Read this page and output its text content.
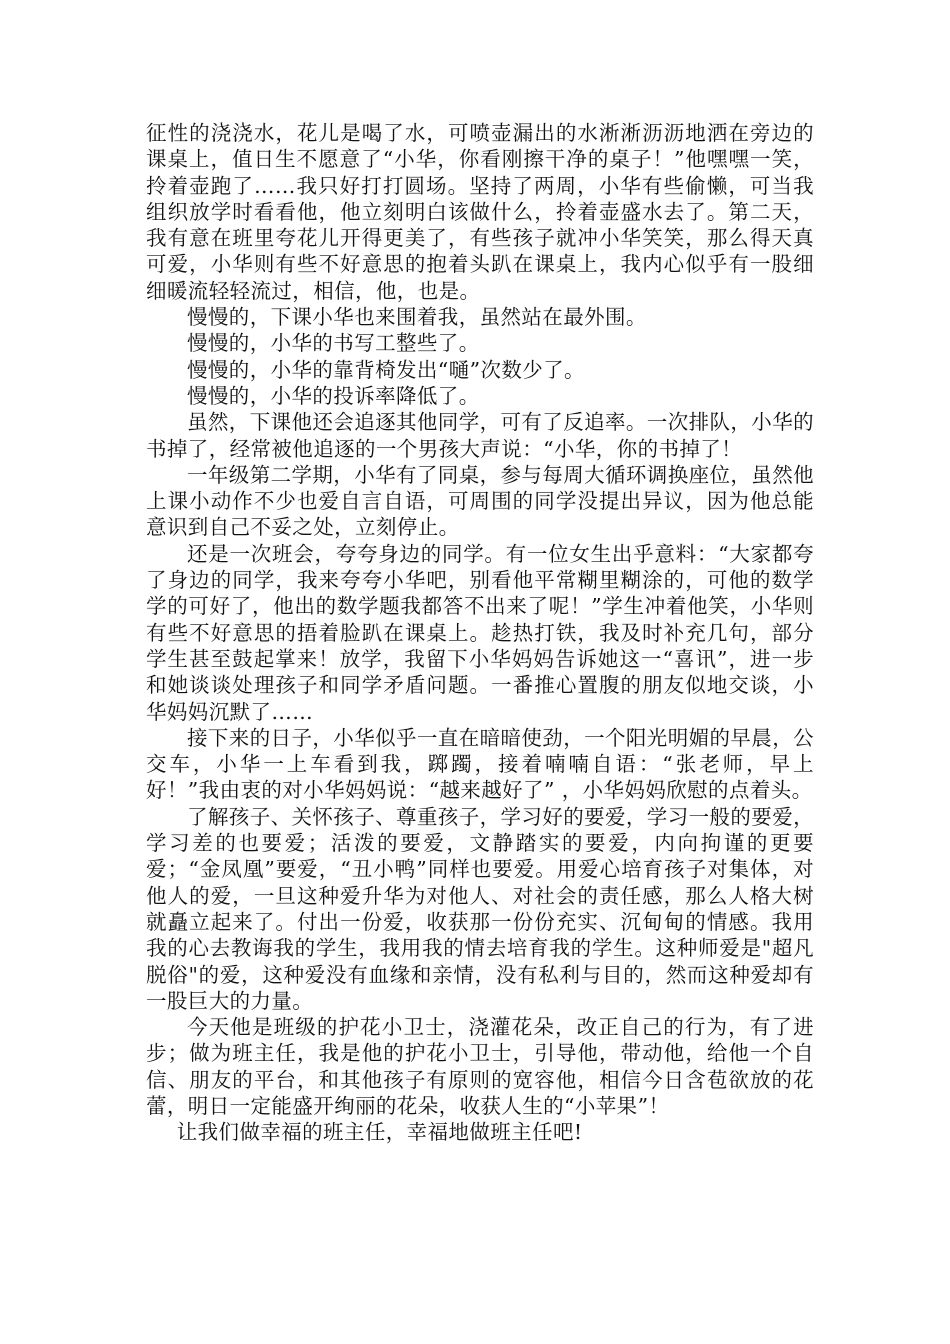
征性的浇浇水，花儿是喝了水，可喷壶漏出的水淅淅沥沥地洒在旁边的课桌上，值日生不愿意了“小华，你看刚擦干净的桌子！”他嘿嘿一笑，拎着壶跑了……我只好打打圆场。坚持了两周，小华有些偷懒，可当我组织放学时看看他，他立刻明白该做什么，拎着壶盛水去了。第二天，我有意在班里夸花儿开得更美了，有些孩子就冲小华笑笑，那么得天真可爱，小华则有些不好意思的抱着头趴在课桌上，我内心似乎有一股细细暖流轻轻流过，相信，他，也是。

慢慢的，下课小华也来围着我，虽然站在最外围。

慢慢的，小华的书写工整些了。

慢慢的，小华的靠背椅发出“嗵”次数少了。

慢慢的，小华的投诉率降低了。

虽然，下课他还会追逐其他同学，可有了反追率。一次排队，小华的书掉了，经常被他追逐的一个男孩大声说：“小华，你的书掉了！

一年级第二学期，小华有了同桌，参与每周大循环调换座位，虽然他上课小动作不少也爱自言自语，可周围的同学没提出异议，因为他总能意识到自己不妥之处，立刻停止。

还是一次班会，夸夸身边的同学。有一位女生出乎意料：“大家都夸了身边的同学，我来夸夸小华吧，别看他平常糊里糊涂的，可他的数学学的可好了，他出的数学题我都答不出来了呢！”学生冲着他笑，小华则有些不好意思的捂着脸趴在课桌上。趁热打铁，我及时补充几句，部分学生甚至鼓起掌来！放学，我留下小华妈妈告诉她这一“喜讯”，进一步和她谈谈处理孩子和同学矛盾问题。一番推心置腹的朋友似地交谈，小华妈妈沉默了……

接下来的日子，小华似乎一直在暗暗使劲，一个阳光明媚的早晨，公交车，小华一上车看到我，踯躅，接着喃喃自语：“张老师，早上好！”我由衷的对小华妈妈说：“越来越好了” ，小华妈妈欣慰的点着头。

了解孩子、关怀孩子、尊重孩子，学习好的要爱，学习一般的要爱，学习差的也要爱；活泼的要爱，文静踏实的要爱，内向拘谨的更要爱；“金凤凰”要爱，“丑小鸭”同样也要爱。用爱心培育孩子对集体，对他人的爱，一旦这种爱升华为对他人、对社会的责任感，那么人格大树就矗立起来了。付出一份爱，收获那一份份充实、沉甸甸的情感。我用我的心去教诲我的学生，我用我的情去培育我的学生。这种师爱是"超凡脱俗"的爱，这种爱没有血缘和亲情，没有私利与目的，然而这种爱却有一股巨大的力量。

今天他是班级的护花小卫士，浇灌花朵，改正自己的行为，有了进步；做为班主任，我是他的护花小卫士，引导他，带动他，给他一个自信、朋友的平台，和其他孩子有原则的宽容他，相信今日含苞欲放的花蕾，明日一定能盛开绚丽的花朵，收获人生的“小苹果”！

让我们做幸福的班主任，幸福地做班主任吧!
